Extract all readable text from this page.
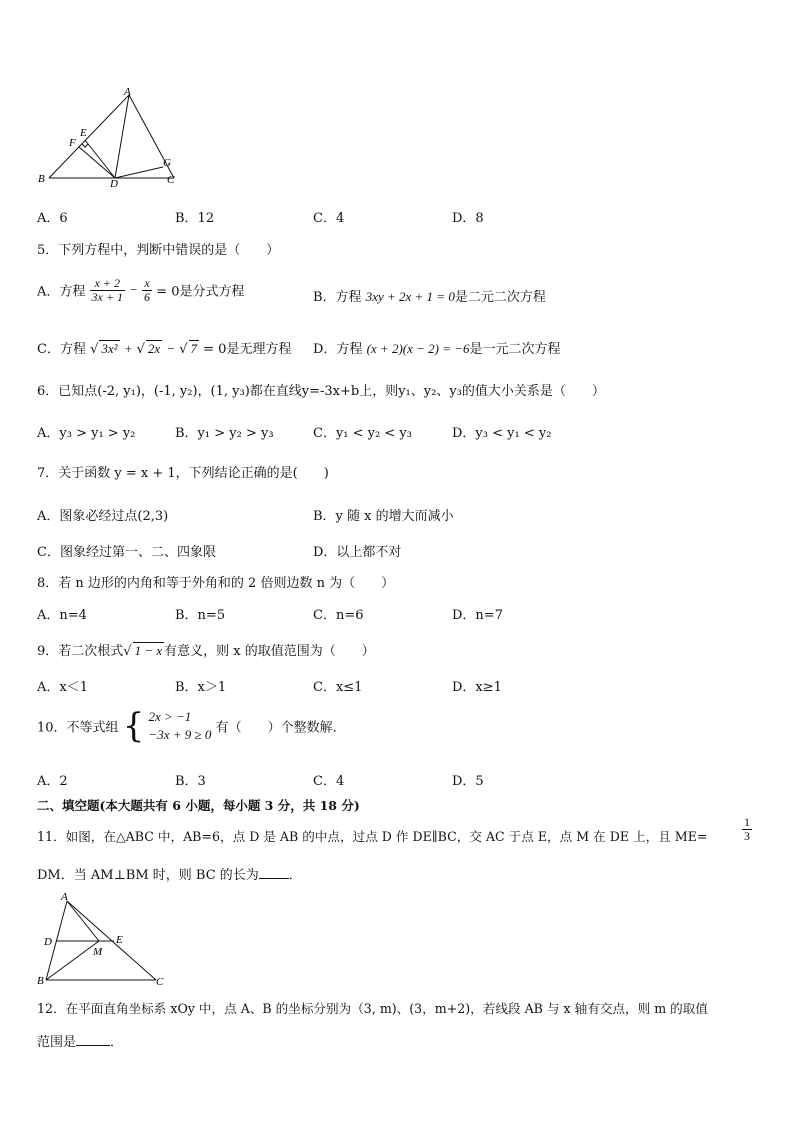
A
B	C
D
E
F
G
A．6	B．12	C．4	D．8
5．下列方程中，判断中错误的是（　　）
A．方程 $\frac{x + 2}{3x + 1} - \frac{x}{6} = 0$是分式方程	B．方程 3xy + 2x + 1 = 0是二元二次方程
C．方程 √ 3x² + √ 2x − √ 7 = 0是无理方程 D．方程 (x + 2)(x − 2) = −6是一元二次方程
6．已知点(-2, y₁)，(-1, y₂)，(1, y₃)都在直线y=-3x+b上，则y₁、y₂、y₃的值大小关系是（　　）
A．y₃ > y₁ > y₂	B．y₁ > y₂ > y₃	C．y₁ < y₂ < y₃	D．y₃ < y₁ < y₂
7．关于函数 y = x + 1，下列结论正确的是(　　)
A．图象必经过点(2,3)	B．y 随 x 的增大而减小
C．图象经过第一、二、四象限	D．以上都不对
8．若 n 边形的内角和等于外角和的 2 倍则边数 n 为（　　）
A．n=4	B．n=5	C．n=6	D．n=7
9．若二次根式√ 1 − x 有意义，则 x 的取值范围为（　　）
A．x＜1	B．x＞1	C．x≤1	D．x≥1
10．不等式组 { 2x > −1
−3x + 9 ≥ 0 有（　　）个整数解．
A．2	B．3	C．4	D．5
二、填空题(本大题共有 6 小题，每小题 3 分，共 18 分)
11．如图，在△ABC 中，AB=6，点 D 是 AB 的中点，过点 D 作 DE∥BC，交 AC 于点 E，点 M 在 DE 上，且 ME=	$\frac{1}{3}$
DM．当 AM⊥BM 时，则 BC 的长为 ．
A
B	C
D	E
M
12．在平面直角坐标系 xOy 中，点 A、B 的坐标分别为（3, m)、(3，m+2)，若线段 AB 与 x 轴有交点，则 m 的取值
范围是	．
